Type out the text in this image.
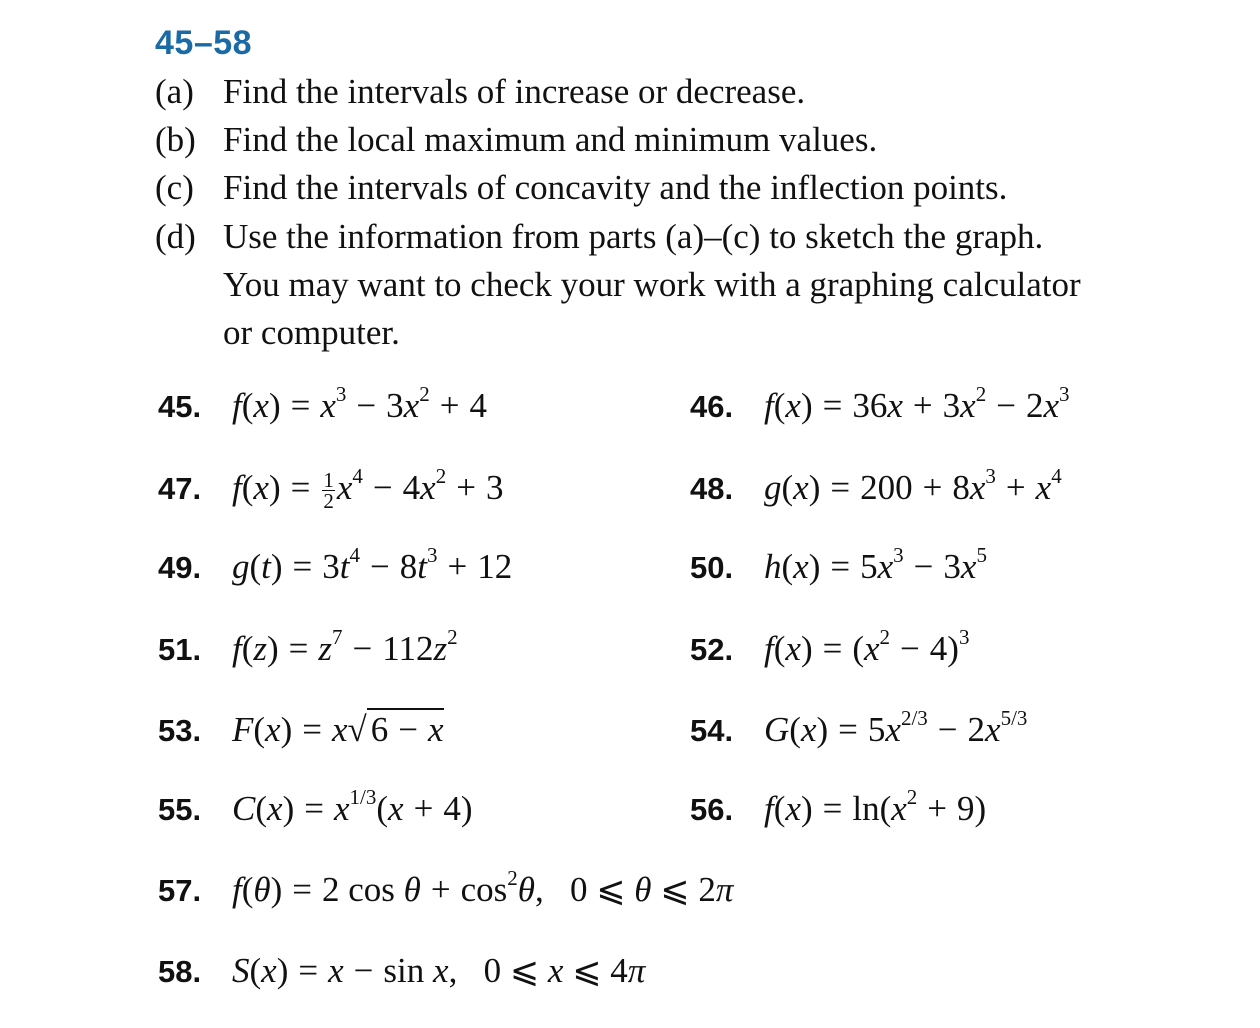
45–58
(a) Find the intervals of increase or decrease.
(b) Find the local maximum and minimum values.
(c) Find the intervals of concavity and the inflection points.
(d) Use the information from parts (a)–(c) to sketch the graph.
You may want to check your work with a graphing calculator
or computer.
45. $f(x) = x^3 - 3x^2 + 4$	46. $f(x) = 36x + 3x^2 - 2x^3$
47. $f(x) = \frac{1}{2} x^4 - 4x^2 + 3$	48. $g(x) = 200 + 8x^3 + x^4$
49. $g(t) = 3t^4 - 8t^3 + 12$	50. $h(x) = 5x^3 - 3x^5$
51. $f(z) = z^7 - 112z^2$	52. $f(x) = (x^2 - 4)^3$
53. F(x) = x√ 6 − x	54. $G(x) = 5x^{2/3} - 2x^{5/3}$
55. $C(x) = x^{1/3}(x + 4)$	56. $f(x) = \ln(x^2 + 9)$
57. f(θ) = 2 $\cos \theta + \cos^2\theta$,   0 ⩽ θ ⩽ 2π
58. S(x) = x − sin x,   0 ⩽ x ⩽ 4π
